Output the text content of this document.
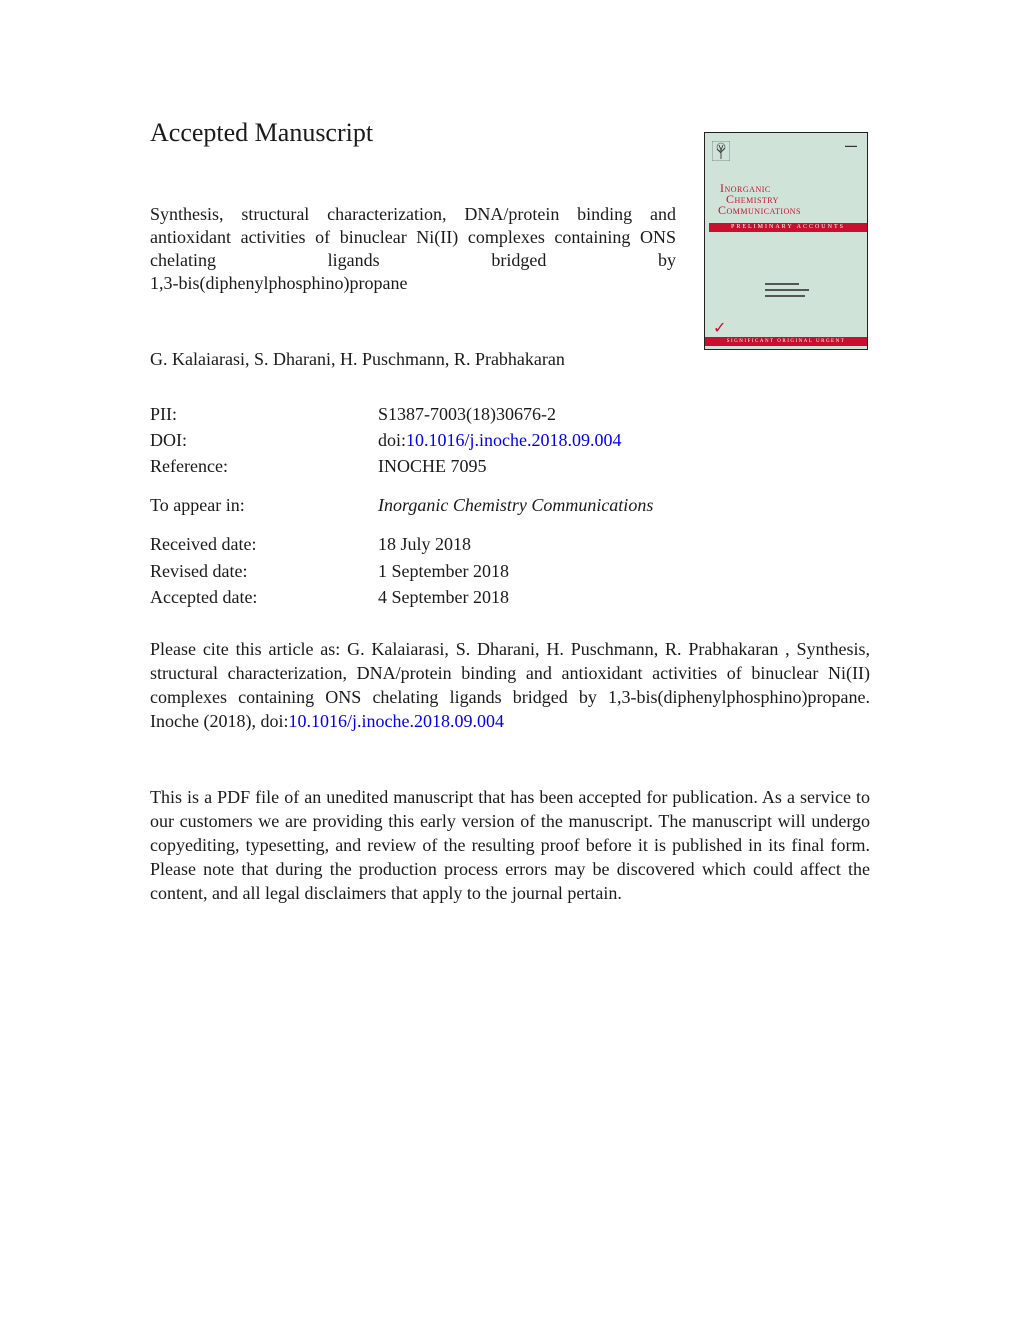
Accepted Manuscript

Synthesis, structural characterization, DNA/protein binding and antioxidant activities of binuclear Ni(II) complexes containing ONS chelating ligands bridged by
1,3-bis(diphenylphosphino)propane

G. Kalaiarasi, S. Dharani, H. Puschmann, R. Prabhakaran

PII:	S1387-7003(18)30676-2
DOI:	doi:10.1016/j.inoche.2018.09.004
Reference:	INOCHE 7095
To appear in:	Inorganic Chemistry Communications
Received date:	18 July 2018
Revised date:	1 September 2018
Accepted date:	4 September 2018

Please cite this article as: G. Kalaiarasi, S. Dharani, H. Puschmann, R. Prabhakaran , Synthesis, structural characterization, DNA/protein binding and antioxidant activities of binuclear Ni(II) complexes containing ONS chelating ligands bridged by 1,3-bis(diphenylphosphino)propane. Inoche (2018), doi:10.1016/j.inoche.2018.09.004

This is a PDF file of an unedited manuscript that has been accepted for publication. As a service to our customers we are providing this early version of the manuscript. The manuscript will undergo copyediting, typesetting, and review of the resulting proof before it is published in its final form. Please note that during the production process errors may be discovered which could affect the content, and all legal disclaimers that apply to the journal pertain.

▬▬▬
Inorganic
Chemistry
Communications
PRELIMINARY ACCOUNTS
✓
SIGNIFICANT ORIGINAL URGENT
